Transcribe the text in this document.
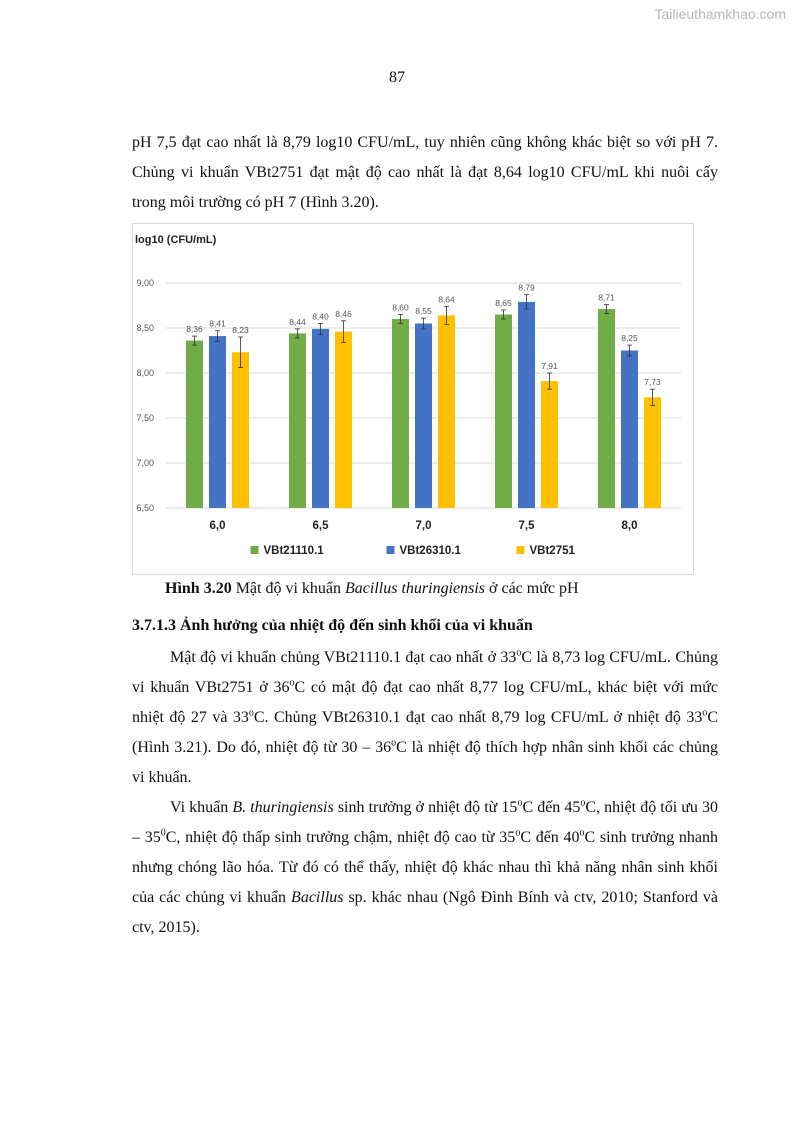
Tailieuthamkhao.com
87

pH 7,5 đạt cao nhất là 8,79 log10 CFU/mL, tuy nhiên cũng không khác biệt so với pH 7. Chủng vi khuẩn VBt2751 đạt mật độ cao nhất là đạt 8,64 log10 CFU/mL khi nuôi cấy trong môi trường có pH 7 (Hình 3.20).

log10 (CFU/mL)
6,50
7,00
7,50
8,00
8,50
9,00
8,36
8,41
8,23
6,0
8,44
8,40 8,46
6,5
8,60 8,55
8,64
7,0
8,65
8,79
7,91
7,5
8,71
8,25
7,73
8,0
VBt21110.1	VBt26310.1	VBt2751
Hình 3.20 Mật độ vi khuẩn Bacillus thuringiensis ở các mức pH

3.7.1.3 Ảnh hưởng của nhiệt độ đến sinh khối của vi khuẩn

Mật độ vi khuẩn chủng VBt21110.1 đạt cao nhất ở 33$^o$C là 8,73 log CFU/mL. Chủng vi khuẩn VBt2751 ở 36$^o$C có mật độ đạt cao nhất 8,77 log CFU/mL, khác biệt với mức nhiệt độ 27 và 33$^o$C. Chủng VBt26310.1 đạt cao nhất 8,79 log CFU/mL ở nhiệt độ 33$^o$C (Hình 3.21). Do đó, nhiệt độ từ 30 – 36$^o$C là nhiệt độ thích hợp nhân sinh khối các chủng vi khuẩn.

Vi khuẩn B. thuringiensis sinh trưởng ở nhiệt độ từ 15$^o$C đến 45$^o$C, nhiệt độ tối ưu $30 - 35^0C$, nhiệt độ thấp sinh trưởng chậm, nhiệt độ cao từ 35$^o$C đến 40$^o$C sinh trưởng nhanh nhưng chóng lão hóa. Từ đó có thể thấy, nhiệt độ khác nhau thì khả năng nhân sinh khối của các chủng vi khuẩn Bacillus sp. khác nhau (Ngô Đình Bính và ctv, 2010; Stanford và ctv, 2015).
